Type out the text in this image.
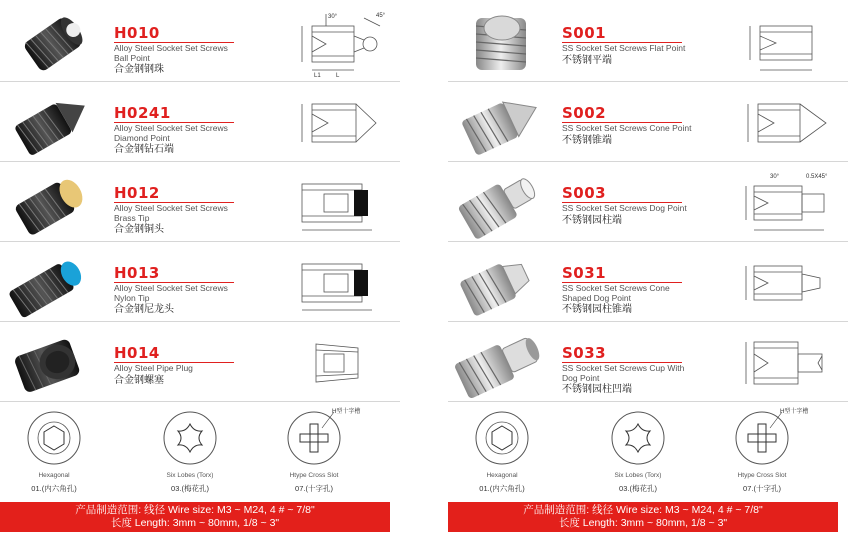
H010
Alloy Steel Socket Set Screws Ball Point
合金钢钢珠
30°	45°
L1	L
H0241
Alloy Steel Socket Set Screws Diamond Point
合金钢钻石端
H012
Alloy Steel Socket Set Screws Brass Tip
合金钢铜头
H013
Alloy Steel Socket Set Screws Nylon Tip
合金钢尼龙头
H014
Alloy Steel Pipe Plug
合金钢螺塞
Hexagonal
01.(内六角孔)
Six Lobes (Torx)
03.(梅花孔)
H型十字槽
Htype Cross Slot
07.(十字孔)
产品制造范围: 线径 Wire size: M3 ~ M24, 4 # ~ 7/8"
长度 Length: 3mm ~ 80mm, 1/8 ~ 3"
S001
SS Socket Set Screws Flat Point
不锈钢平端
S002
SS Socket Set Screws Cone Point
不锈钢锥端
S003
SS Socket Set Screws Dog Point
不锈钢园柱端
30°	0.5X45°
S031
SS Socket Set Screws Cone Shaped Dog Point
不锈钢园柱锥端
S033
SS Socket Set Screws Cup With Dog Point
不锈钢园柱凹端
Hexagonal
01.(内六角孔)
Six Lobes (Torx)
03.(梅花孔)
H型十字槽
Htype Cross Slot
07.(十字孔)
产品制造范围: 线径 Wire size: M3 ~ M24, 4 # ~ 7/8"
长度 Length: 3mm ~ 80mm, 1/8 ~ 3"
